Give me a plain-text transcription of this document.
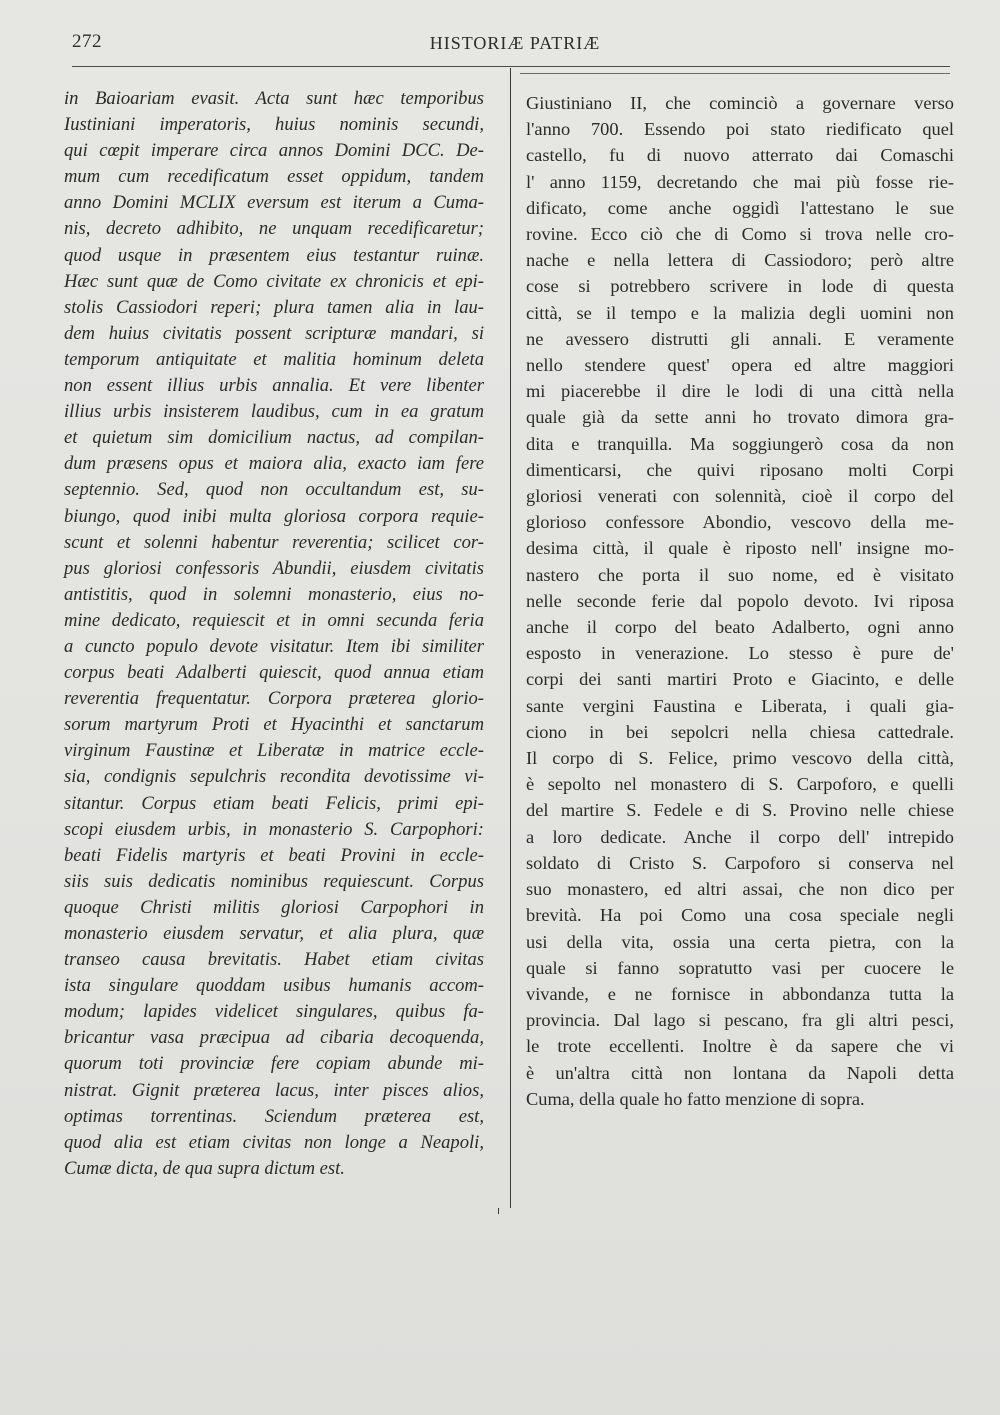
272	HISTORIÆ PATRIÆ
in Baioariam evasit. Acta sunt hæc temporibus
Iustiniani imperatoris, huius nominis secundi,
qui cœpit imperare circa annos Domini DCC. De-
mum cum recedificatum esset oppidum, tandem
anno Domini MCLIX eversum est iterum a Cuma-
nis, decreto adhibito, ne unquam recedificaretur;
quod usque in præsentem eius testantur ruinæ.
Hæc sunt quæ de Como civitate ex chronicis et epi-
stolis Cassiodori reperi; plura tamen alia in lau-
dem huius civitatis possent scripturæ mandari, si
temporum antiquitate et malitia hominum deleta
non essent illius urbis annalia. Et vere libenter
illius urbis insisterem laudibus, cum in ea gratum
et quietum sim domicilium nactus, ad compilan-
dum præsens opus et maiora alia, exacto iam fere
septennio. Sed, quod non occultandum est, su-
biungo, quod inibi multa gloriosa corpora requie-
scunt et solenni habentur reverentia; scilicet cor-
pus gloriosi confessoris Abundii, eiusdem civitatis
antistitis, quod in solemni monasterio, eius no-
mine dedicato, requiescit et in omni secunda feria
a cuncto populo devote visitatur. Item ibi similiter
corpus beati Adalberti quiescit, quod annua etiam
reverentia frequentatur. Corpora præterea glorio-
sorum martyrum Proti et Hyacinthi et sanctarum
virginum Faustinæ et Liberatæ in matrice eccle-
sia, condignis sepulchris recondita devotissime vi-
sitantur. Corpus etiam beati Felicis, primi epi-
scopi eiusdem urbis, in monasterio S. Carpophori:
beati Fidelis martyris et beati Provini in eccle-
siis suis dedicatis nominibus requiescunt. Corpus
quoque Christi militis gloriosi Carpophori in
monasterio eiusdem servatur, et alia plura, quæ
transeo causa brevitatis. Habet etiam civitas
ista singulare quoddam usibus humanis accom-
modum; lapides videlicet singulares, quibus fa-
bricantur vasa præcipua ad cibaria decoquenda,
quorum toti provinciæ fere copiam abunde mi-
nistrat. Gignit præterea lacus, inter pisces alios,
optimas torrentinas. Sciendum præterea est,
quod alia est etiam civitas non longe a Neapoli,
Cumæ dicta, de qua supra dictum est.
Giustiniano II, che cominciò a governare verso
l'anno 700. Essendo poi stato riedificato quel
castello, fu di nuovo atterrato dai Comaschi
l' anno 1159, decretando che mai più fosse rie-
dificato, come anche oggidì l'attestano le sue
rovine. Ecco ciò che di Como si trova nelle cro-
nache e nella lettera di Cassiodoro; però altre
cose si potrebbero scrivere in lode di questa
città, se il tempo e la malizia degli uomini non
ne avessero distrutti gli annali. E veramente
nello stendere quest' opera ed altre maggiori
mi piacerebbe il dire le lodi di una città nella
quale già da sette anni ho trovato dimora gra-
dita e tranquilla. Ma soggiungerò cosa da non
dimenticarsi, che quivi riposano molti Corpi
gloriosi venerati con solennità, cioè il corpo del
glorioso confessore Abondio, vescovo della me-
desima città, il quale è riposto nell' insigne mo-
nastero che porta il suo nome, ed è visitato
nelle seconde ferie dal popolo devoto. Ivi riposa
anche il corpo del beato Adalberto, ogni anno
esposto in venerazione. Lo stesso è pure de'
corpi dei santi martiri Proto e Giacinto, e delle
sante vergini Faustina e Liberata, i quali gia-
ciono in bei sepolcri nella chiesa cattedrale.
Il corpo di S. Felice, primo vescovo della città,
è sepolto nel monastero di S. Carpoforo, e quelli
del martire S. Fedele e di S. Provino nelle chiese
a loro dedicate. Anche il corpo dell' intrepido
soldato di Cristo S. Carpoforo si conserva nel
suo monastero, ed altri assai, che non dico per
brevità. Ha poi Como una cosa speciale negli
usi della vita, ossia una certa pietra, con la
quale si fanno sopratutto vasi per cuocere le
vivande, e ne fornisce in abbondanza tutta la
provincia. Dal lago si pescano, fra gli altri pesci,
le trote eccellenti. Inoltre è da sapere che vi
è un'altra città non lontana da Napoli detta
Cuma, della quale ho fatto menzione di sopra.
